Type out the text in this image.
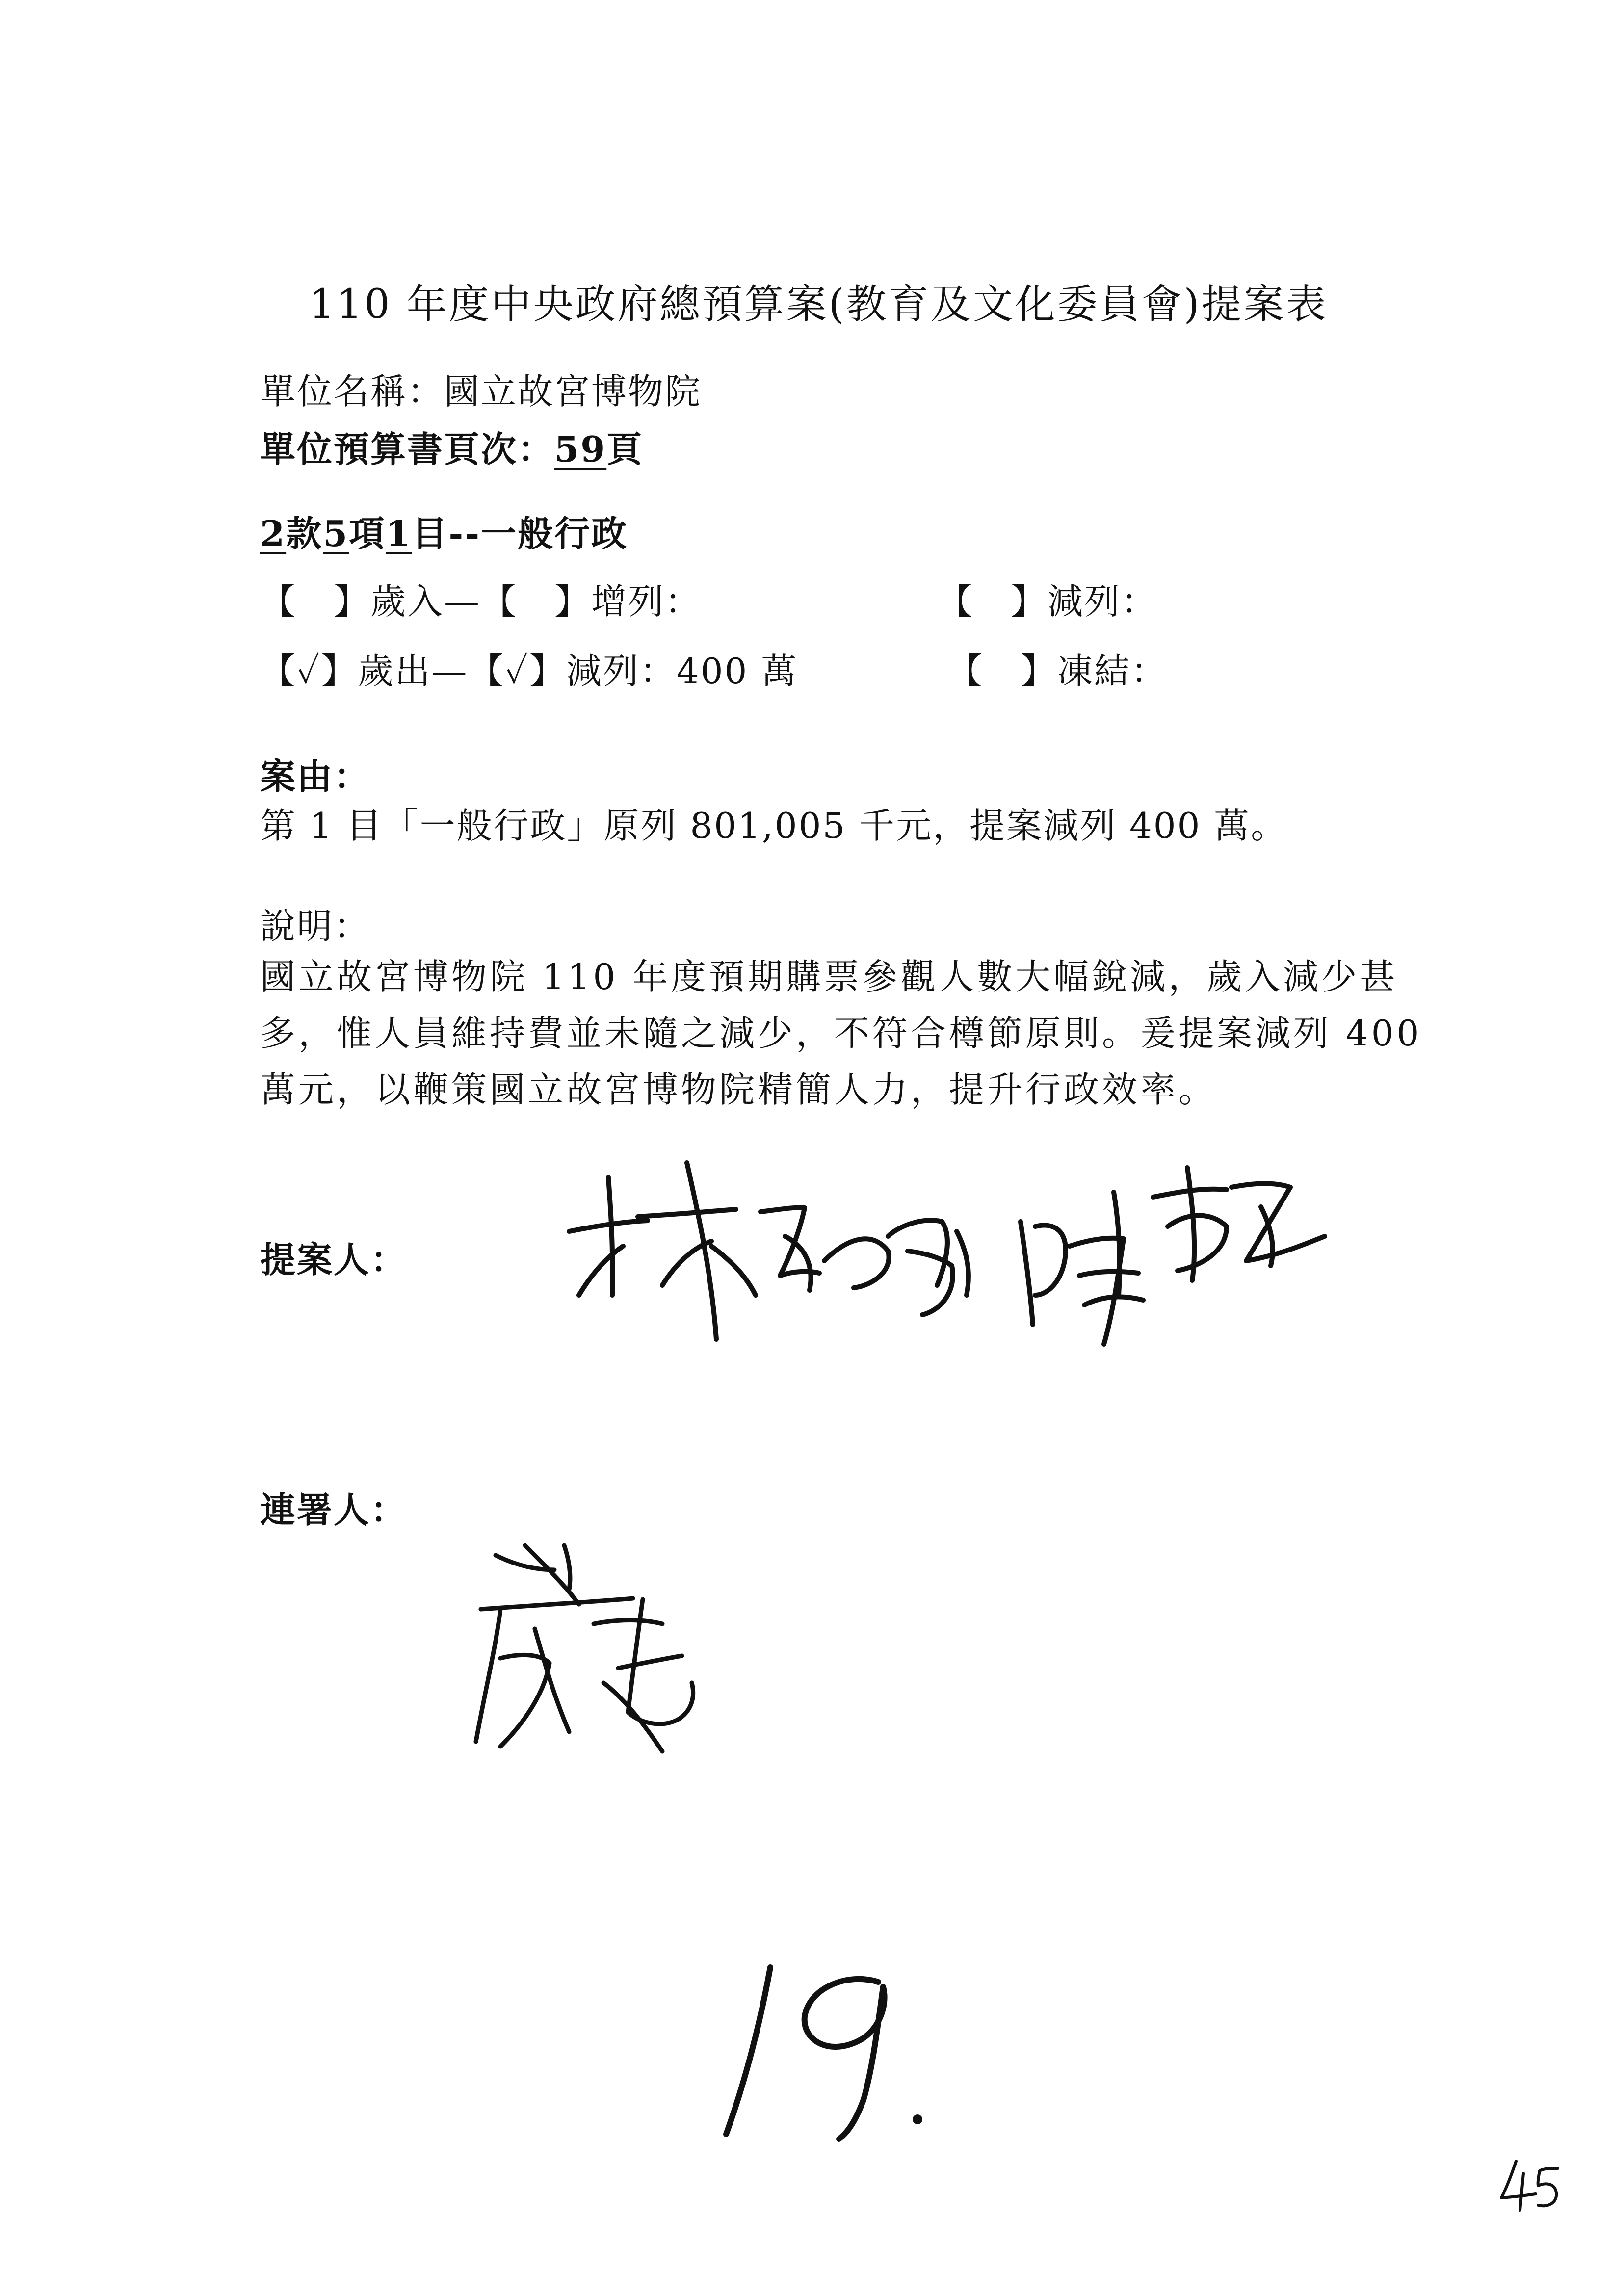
110 年度中央政府總預算案(教育及文化委員會)提案表
單位名稱：國立故宮博物院
單位預算書頁次：59頁
2款5項1目--一般行政
【　】歲入—【　】增列：	【　】減列：
【✓】歲出—【✓】減列：400 萬	【　】凍結：
案由：
第 1 目「一般行政」原列 801,005 千元，提案減列 400 萬。
說明：
國立故宮博物院 110 年度預期購票參觀人數大幅銳減，歲入減少甚
多，惟人員維持費並未隨之減少，不符合樽節原則。爰提案減列 400
萬元，以鞭策國立故宮博物院精簡人力，提升行政效率。
提案人：
連署人：
